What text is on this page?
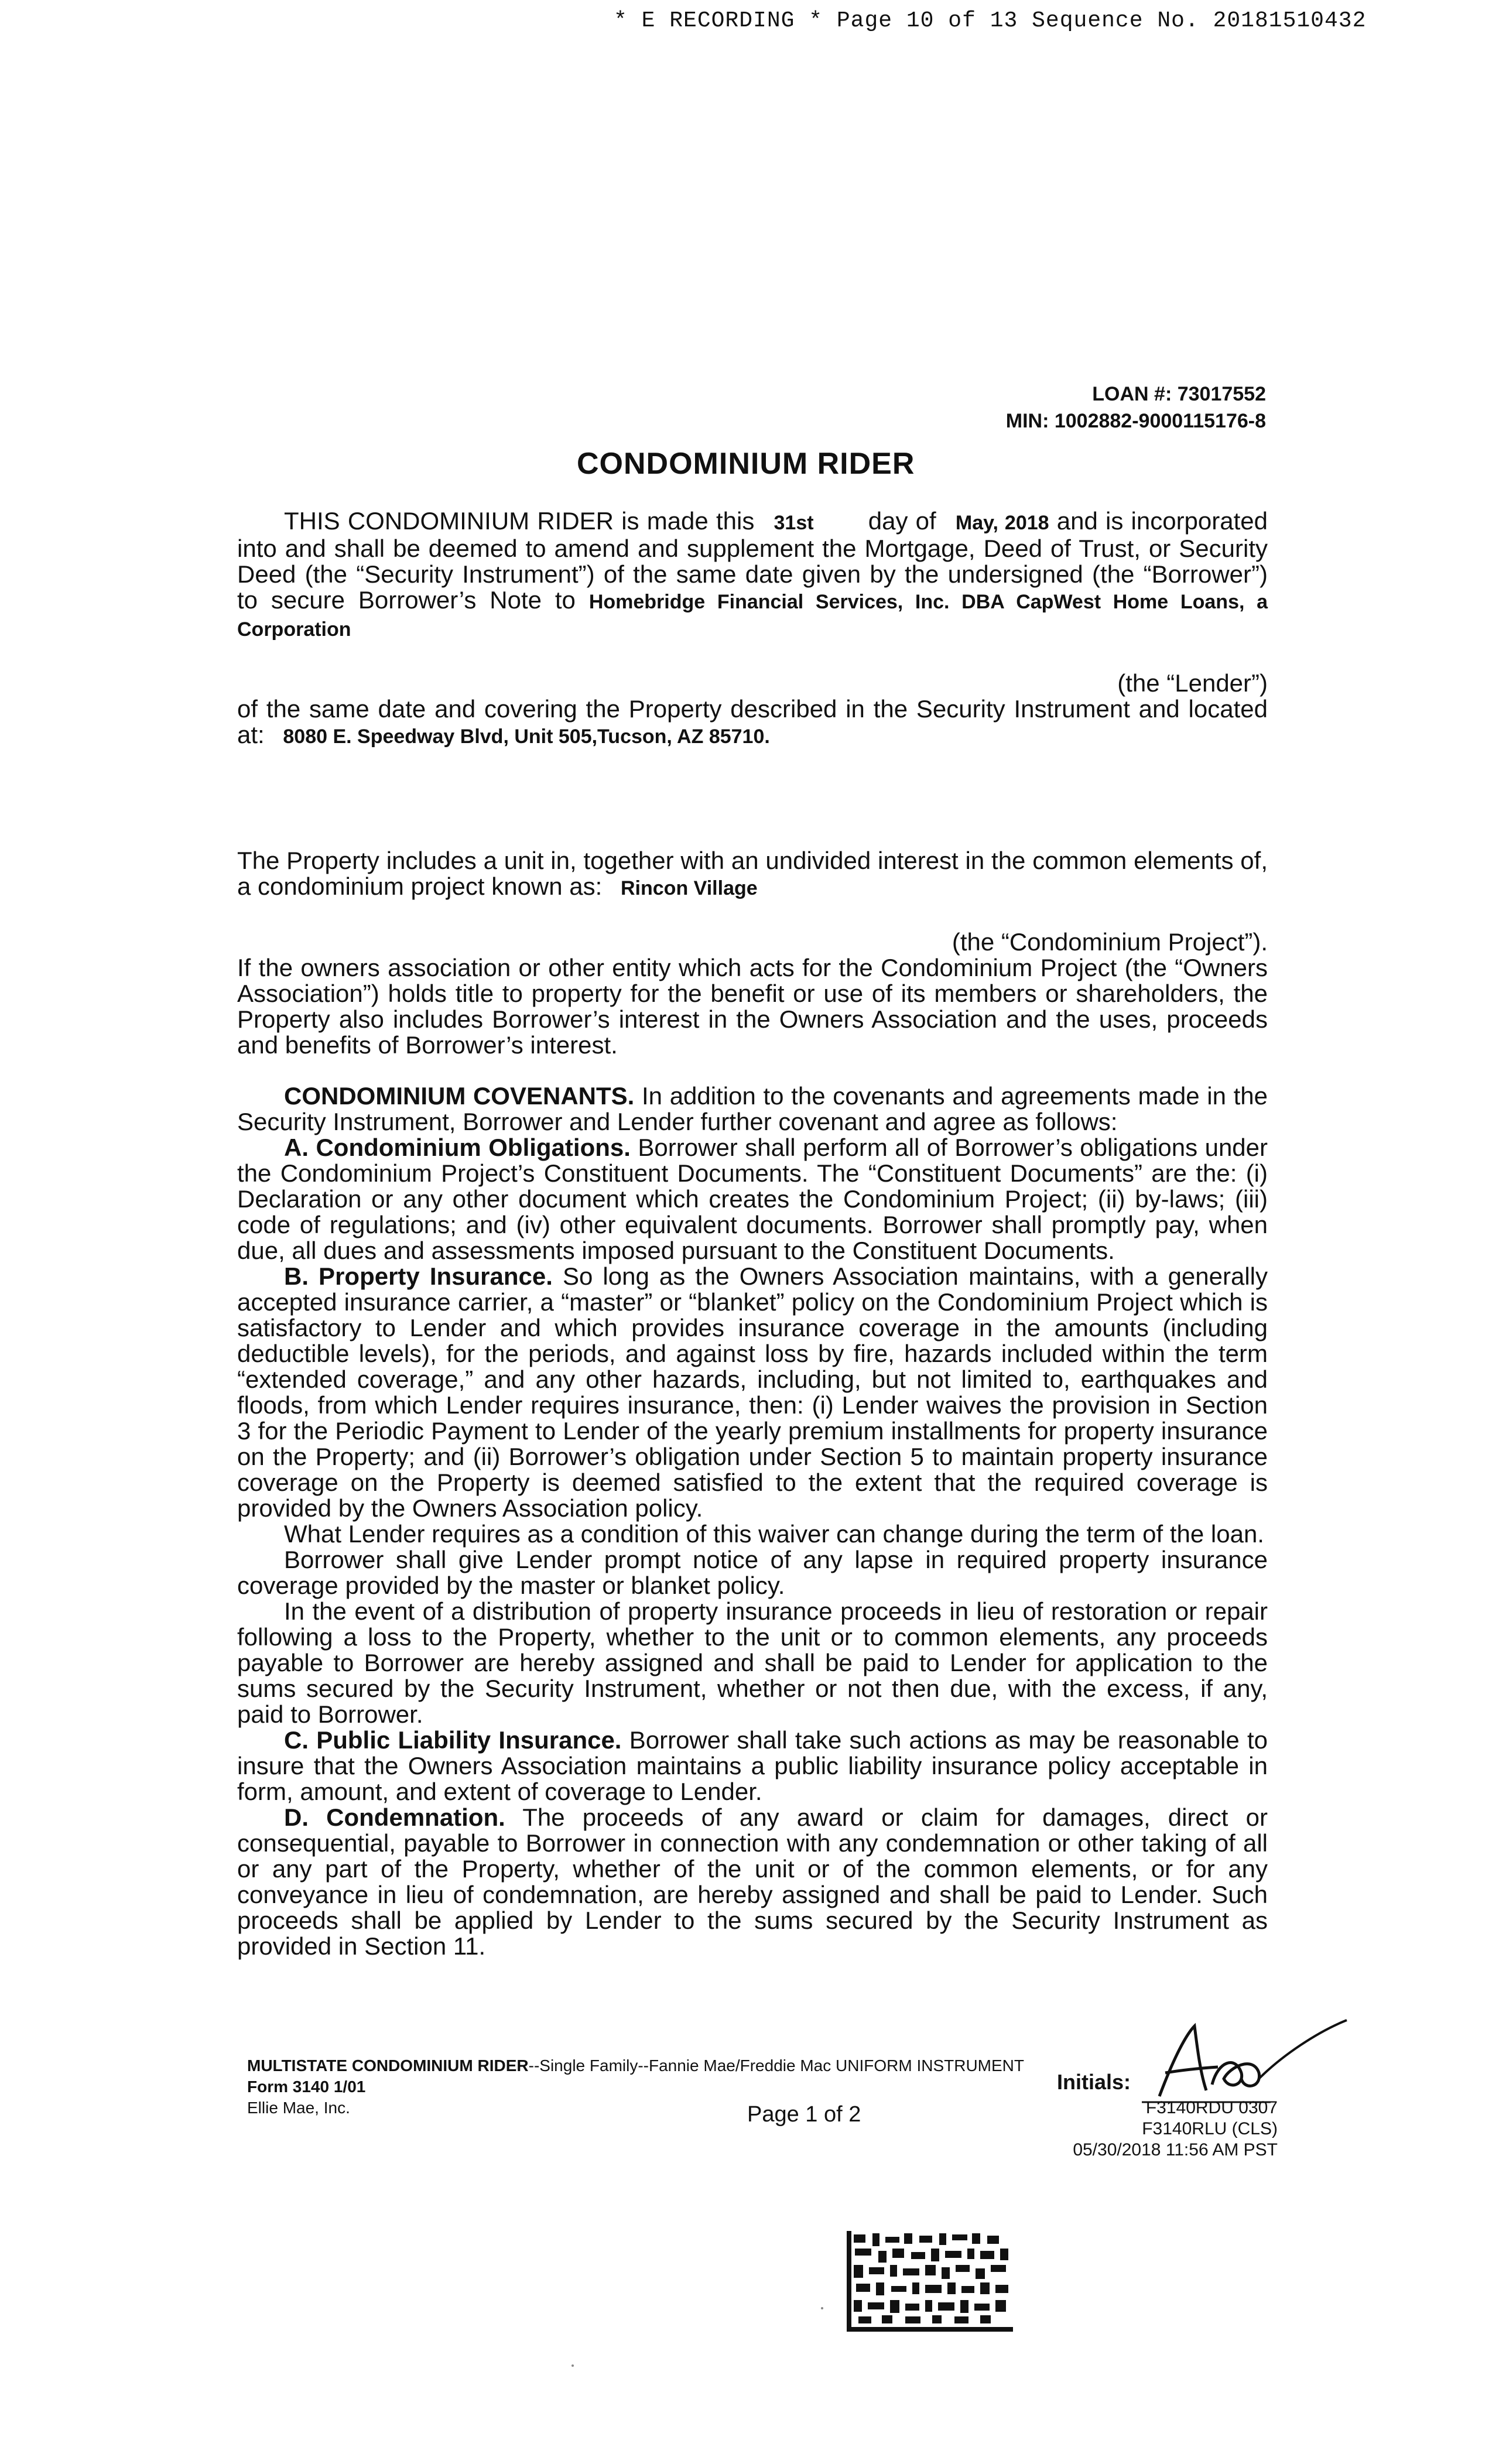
* E RECORDING * Page 10 of 13 Sequence No. 20181510432
LOAN #: 73017552
MIN: 1002882-9000115176-8
CONDOMINIUM RIDER

THIS CONDOMINIUM RIDER is made this 31st day of May, 2018 and is incorporated into and shall be deemed to amend and supplement the Mortgage, Deed of Trust, or Security Deed (the “Security Instrument”) of the same date given by the undersigned (the “Borrower”) to secure Borrower’s Note to Homebridge Financial Services, Inc. DBA CapWest Home Loans, a Corporation

(the “Lender”)

of the same date and covering the Property described in the Security Instrument and located at: 8080 E. Speedway Blvd, Unit 505,Tucson, AZ 85710.

The Property includes a unit in, together with an undivided interest in the common elements of, a condominium project known as: Rincon Village

(the “Condominium Project”).

If the owners association or other entity which acts for the Condominium Project (the “Owners Association”) holds title to property for the benefit or use of its members or shareholders, the Property also includes Borrower’s interest in the Owners Association and the uses, proceeds and benefits of Borrower’s interest.

CONDOMINIUM COVENANTS. In addition to the covenants and agreements made in the Security Instrument, Borrower and Lender further covenant and agree as follows:

A. Condominium Obligations. Borrower shall perform all of Borrower’s obligations under the Condominium Project’s Constituent Documents. The “Constituent Documents” are the: (i) Declaration or any other document which creates the Condominium Project; (ii) by-laws; (iii) code of regulations; and (iv) other equivalent documents. Borrower shall promptly pay, when due, all dues and assessments imposed pursuant to the Constituent Documents.

B. Property Insurance. So long as the Owners Association maintains, with a generally accepted insurance carrier, a “master” or “blanket” policy on the Condominium Project which is satisfactory to Lender and which provides insurance coverage in the amounts (including deductible levels), for the periods, and against loss by fire, hazards included within the term “extended coverage,” and any other hazards, including, but not limited to, earthquakes and floods, from which Lender requires insurance, then: (i) Lender waives the provision in Section 3 for the Periodic Payment to Lender of the yearly premium installments for property insurance on the Property; and (ii) Borrower’s obligation under Section 5 to maintain property insurance coverage on the Property is deemed satisfied to the extent that the required coverage is provided by the Owners Association policy.

What Lender requires as a condition of this waiver can change during the term of the loan.

Borrower shall give Lender prompt notice of any lapse in required property insurance coverage provided by the master or blanket policy.

In the event of a distribution of property insurance proceeds in lieu of restoration or repair following a loss to the Property, whether to the unit or to common elements, any proceeds payable to Borrower are hereby assigned and shall be paid to Lender for application to the sums secured by the Security Instrument, whether or not then due, with the excess, if any, paid to Borrower.

C. Public Liability Insurance. Borrower shall take such actions as may be reasonable to insure that the Owners Association maintains a public liability insurance policy acceptable in form, amount, and extent of coverage to Lender.

D. Condemnation. The proceeds of any award or claim for damages, direct or consequential, payable to Borrower in connection with any condemnation or other taking of all or any part of the Property, whether of the unit or of the common elements, or for any conveyance in lieu of condemnation, are hereby assigned and shall be paid to Lender. Such proceeds shall be applied by Lender to the sums secured by the Security Instrument as provided in Section 11.

MULTISTATE CONDOMINIUM RIDER--Single Family--Fannie Mae/Freddie Mac UNIFORM INSTRUMENT
Form 3140 1/01
Ellie Mae, Inc.	Page 1 of 2
Initials:
F3140RDU 0307
F3140RLU (CLS)
05/30/2018 11:56 AM PST
